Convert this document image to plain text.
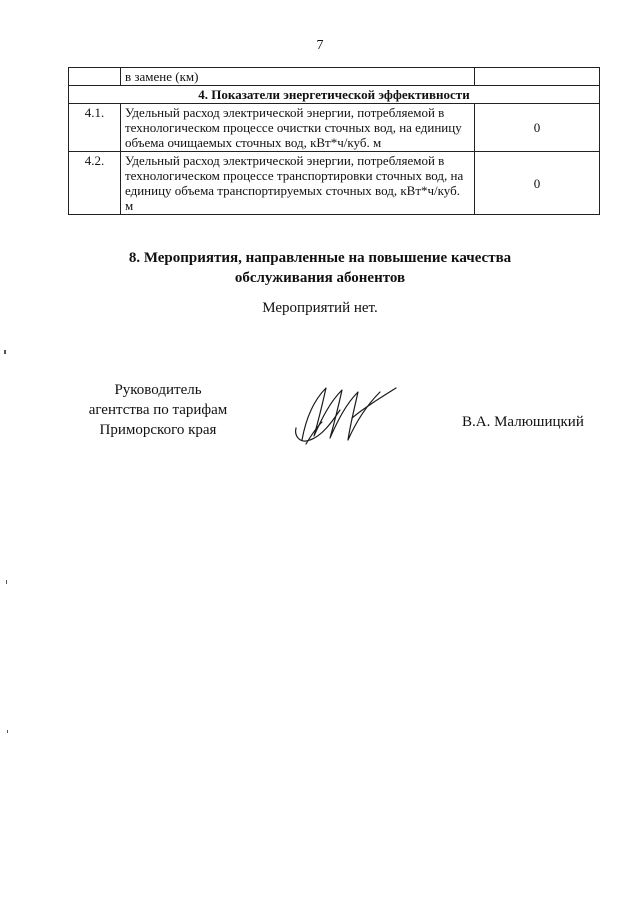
7
	в замене (км)	
4. Показатели энергетической эффективности		
4.1.	Удельный расход электрической энергии, потребляемой в технологическом процессе очистки сточных вод, на единицу объема очищаемых сточных вод, кВт*ч/куб. м	0
4.2.	Удельный расход электрической энергии, потребляемой в технологическом процессе транспортировки сточных вод, на единицу объема транспортируемых сточных вод, кВт*ч/куб. м	0
8. Мероприятия, направленные на повышение качества
обслуживания абонентов
Мероприятий нет.
Руководитель
агентства по тарифам
Приморского края	В.А. Малюшицкий
